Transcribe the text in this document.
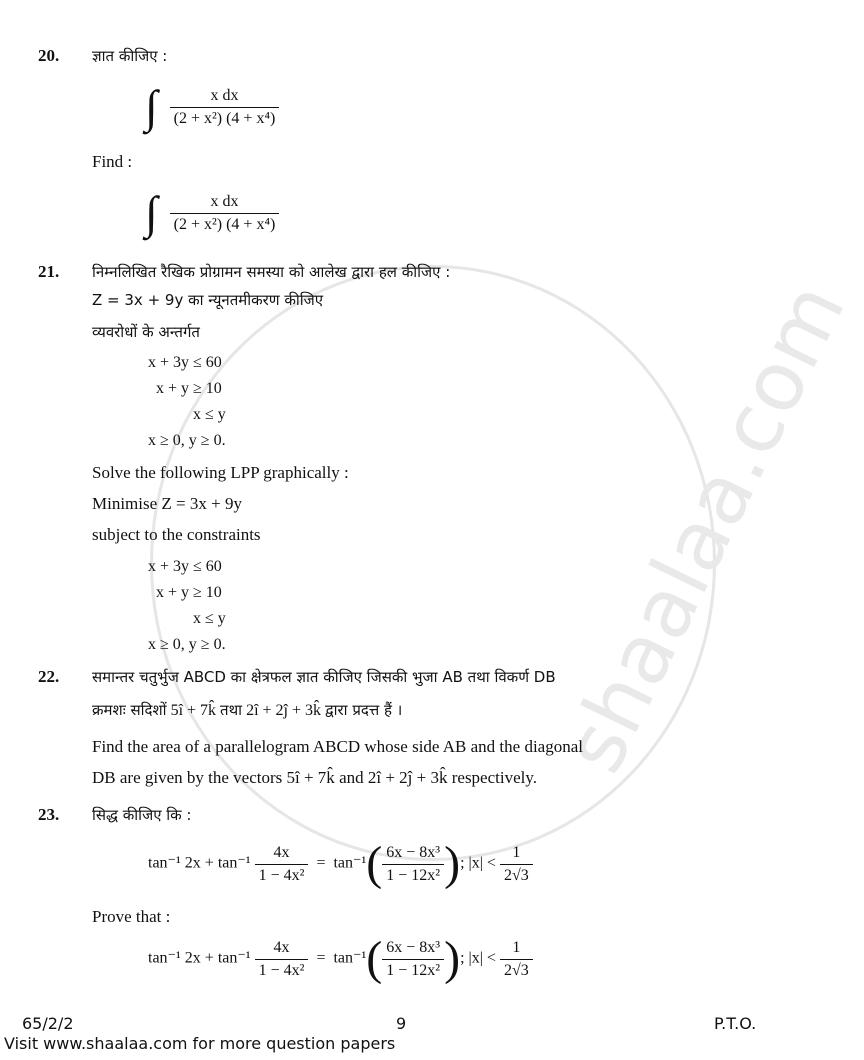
shaalaa.com
20. ज्ञात कीजिए :
∫ $\frac{\text{x dx}}{\text{(2 + x²) (4 + x⁴)}}$
Find :
∫ $\frac{\text{x dx}}{\text{(2 + x²) (4 + x⁴)}}$
21. निम्नलिखित रैखिक प्रोग्रामन समस्या को आलेख द्वारा हल कीजिए :
Z = 3x + 9y का न्यूनतमीकरण कीजिए
व्यवरोधों के अन्तर्गत
x + 3y ≤ 60
x + y ≥ 10
x ≤ y
x ≥ 0, y ≥ 0.
Solve the following LPP graphically :
Minimise Z = 3x + 9y
subject to the constraints
x + 3y ≤ 60
x + y ≥ 10
x ≤ y
x ≥ 0, y ≥ 0.
22. समान्तर चतुर्भुज ABCD का क्षेत्रफल ज्ञात कीजिए जिसकी भुजा AB तथा विकर्ण DB
क्रमशः सदिशों 5î + 7k̂ तथा 2î + 2ĵ + 3k̂ द्वारा प्रदत्त हैं ।
Find the area of a parallelogram ABCD whose side AB and the diagonal
DB are given by the vectors 5î + 7k̂ and 2î + 2ĵ + 3k̂ respectively.
23. सिद्ध कीजिए कि :
tan⁻¹ $2x + \tan^{-1} \frac{4x}{\text{1 − 4x²}} = \tan^{-1}( \frac{\text{6x − 8x³}}{\text{1 − 12x²}}$ ); $|x| < \frac{1}{2√3}$
Prove that :
tan⁻¹ $2x + \tan^{-1} \frac{4x}{\text{1 − 4x²}} = \tan^{-1}( \frac{\text{6x − 8x³}}{\text{1 − 12x²}}$ ); $|x| < \frac{1}{2√3}$
65/2/2	9	P.T.O.
Visit www.shaalaa.com for more question papers
